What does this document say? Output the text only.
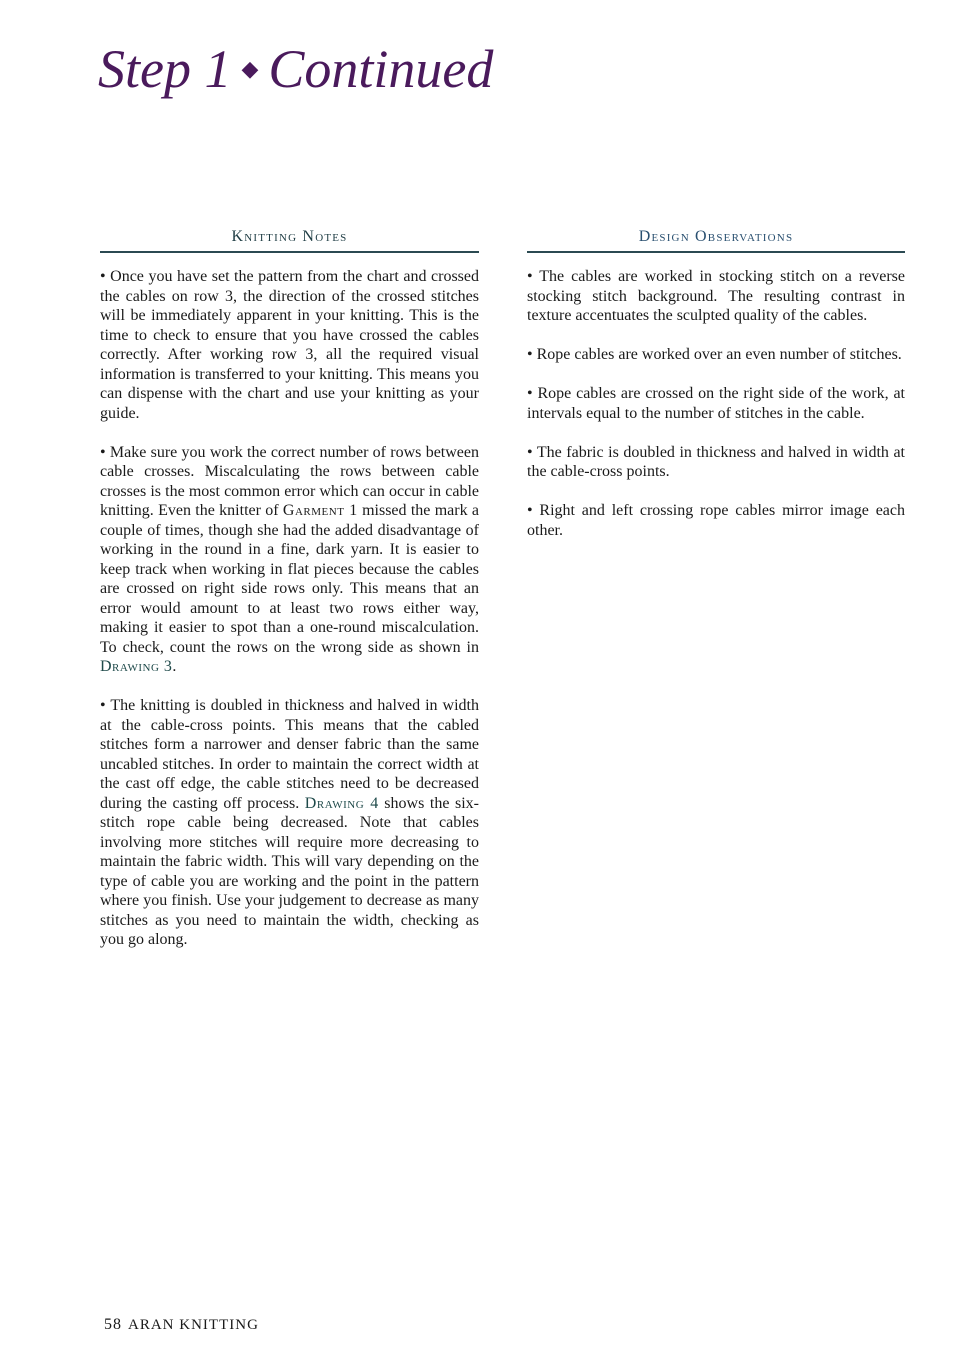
Step 1 ◆ Continued
Knitting Notes

• Once you have set the pattern from the chart and crossed the cables on row 3, the direction of the crossed stitches will be immediately apparent in your knitting. This is the time to check to ensure that you have crossed the cables correctly. After working row 3, all the required visual information is transferred to your knitting. This means you can dispense with the chart and use your knitting as your guide.

• Make sure you work the correct number of rows between cable crosses. Miscalculating the rows between cable crosses is the most common error which can occur in cable knitting. Even the knitter of Garment 1 missed the mark a couple of times, though she had the added disadvantage of working in the round in a fine, dark yarn. It is easier to keep track when working in flat pieces because the cables are crossed on right side rows only. This means that an error would amount to at least two rows either way, making it easier to spot than a one-round miscalculation. To check, count the rows on the wrong side as shown in Drawing 3.

• The knitting is doubled in thickness and halved in width at the cable-cross points. This means that the cabled stitches form a narrower and denser fabric than the same uncabled stitches. In order to maintain the correct width at the cast off edge, the cable stitches need to be decreased during the casting off process. Drawing 4 shows the six-stitch rope cable being decreased. Note that cables involving more stitches will require more decreasing to maintain the fabric width. This will vary depending on the type of cable you are working and the point in the pattern where you finish. Use your judgement to decrease as many stitches as you need to maintain the width, checking as you go along.

Design Observations

• The cables are worked in stocking stitch on a reverse stocking stitch background. The resulting contrast in texture accentuates the sculpted quality of the cables.

• Rope cables are worked over an even number of stitches.

• Rope cables are crossed on the right side of the work, at intervals equal to the number of stitches in the cable.

• The fabric is doubled in thickness and halved in width at the cable-cross points.

• Right and left crossing rope cables mirror image each other.

58 ARAN KNITTING
